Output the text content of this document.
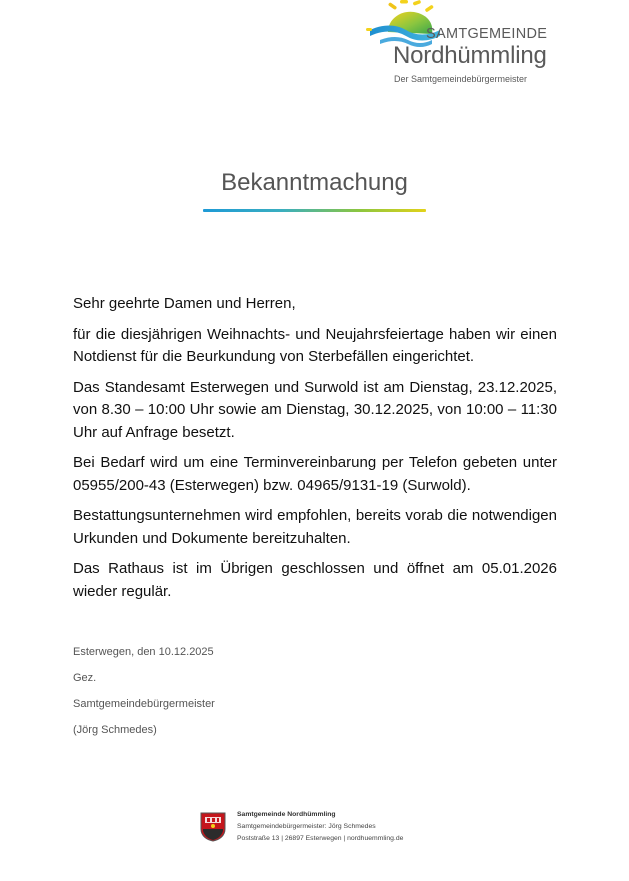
SAMTGEMEINDE
Nordhümmling
Der Samtgemeindebürgermeister
Bekanntmachung

Sehr geehrte Damen und Herren,

für die diesjährigen Weihnachts- und Neujahrsfeiertage haben wir einen Notdienst für die Beurkundung von Sterbefällen eingerichtet.

Das Standesamt Esterwegen und Surwold ist am Dienstag, 23.12.2025, von 8.30 – 10:00 Uhr sowie am Dienstag, 30.12.2025, von 10:00 – 11:30 Uhr auf Anfrage besetzt.

Bei Bedarf wird um eine Terminvereinbarung per Telefon gebeten unter 05955/200-43 (Esterwegen) bzw. 04965/9131-19 (Surwold).

Bestattungsunternehmen wird empfohlen, bereits vorab die notwendigen Urkunden und Dokumente bereitzuhalten.

Das Rathaus ist im Übrigen geschlossen und öffnet am 05.01.2026 wieder regulär.

Esterwegen, den 10.12.2025
Gez.
Samtgemeindebürgermeister
(Jörg Schmedes)
Samtgemeinde Nordhümmling
Samtgemeindebürgermeister: Jörg Schmedes
Poststraße 13 | 26897 Esterwegen | nordhuemmling.de
